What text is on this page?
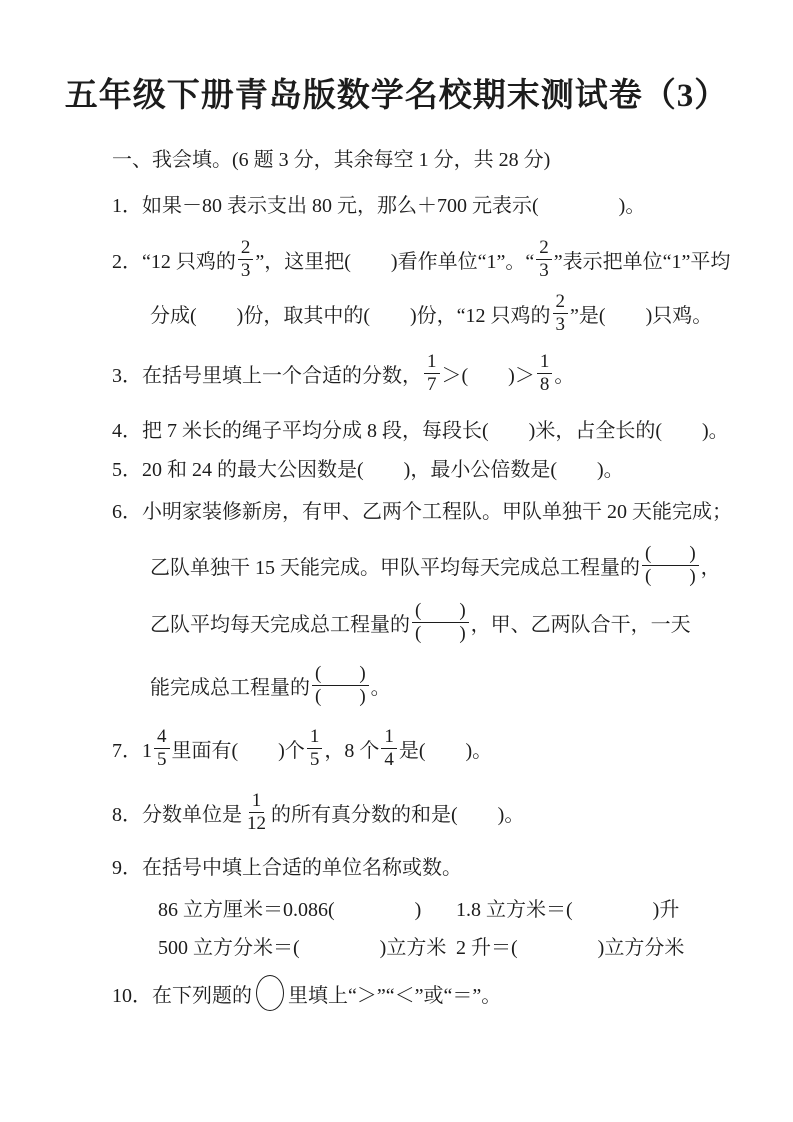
五年级下册青岛版数学名校期末测试卷（3）
一、我会填。(6 题 3 分，其余每空 1 分，共 28 分)
1．如果－80 表示支出 80 元，那么＋700 元表示(　　　　)。
2．“12 只鸡的 $\frac{2}{3}$ ”，这里把(　　)看作单位“1”。“ $\frac{2}{3}$ ”表示把单位“1”平均
分成(　　)份，取其中的(　　)份，“12 只鸡的 $\frac{2}{3}$ ”是(　　)只鸡。
3．在括号里填上一个合适的分数， $\frac{1}{7}$ ＞(　　)＞ $\frac{1}{8}$ 。
4．把 7 米长的绳子平均分成 8 段，每段长(　　)米，占全长的(　　)。
5．20 和 24 的最大公因数是(　　)，最小公倍数是(　　)。
6．小明家装修新房，有甲、乙两个工程队。甲队单独干 20 天能完成；
乙队单独干 15 天能完成。甲队平均每天完成总工程量的
(　　)
(　　) ，
乙队平均每天完成总工程量的
(　　)
(　　) ，甲、乙两队合干，一天
能完成总工程量的
(　　)
(　　) 。
7．$1 \frac{4}{5}$ 里面有(　　)个 $\frac{1}{5}$ ，8 个 $\frac{1}{4}$ 是(　　)。
8．分数单位是 $\frac{1}{12}$ 的所有真分数的和是(　　)。
9．在括号中填上合适的单位名称或数。
86 立方厘米＝0.086(　　　　) 1.8 立方米＝(　　　　)升
500 立方分米＝(　　　　)立方米 2 升＝(　　　　)立方分米
10．在下列题的 里填上“＞”“＜”或“＝”。
